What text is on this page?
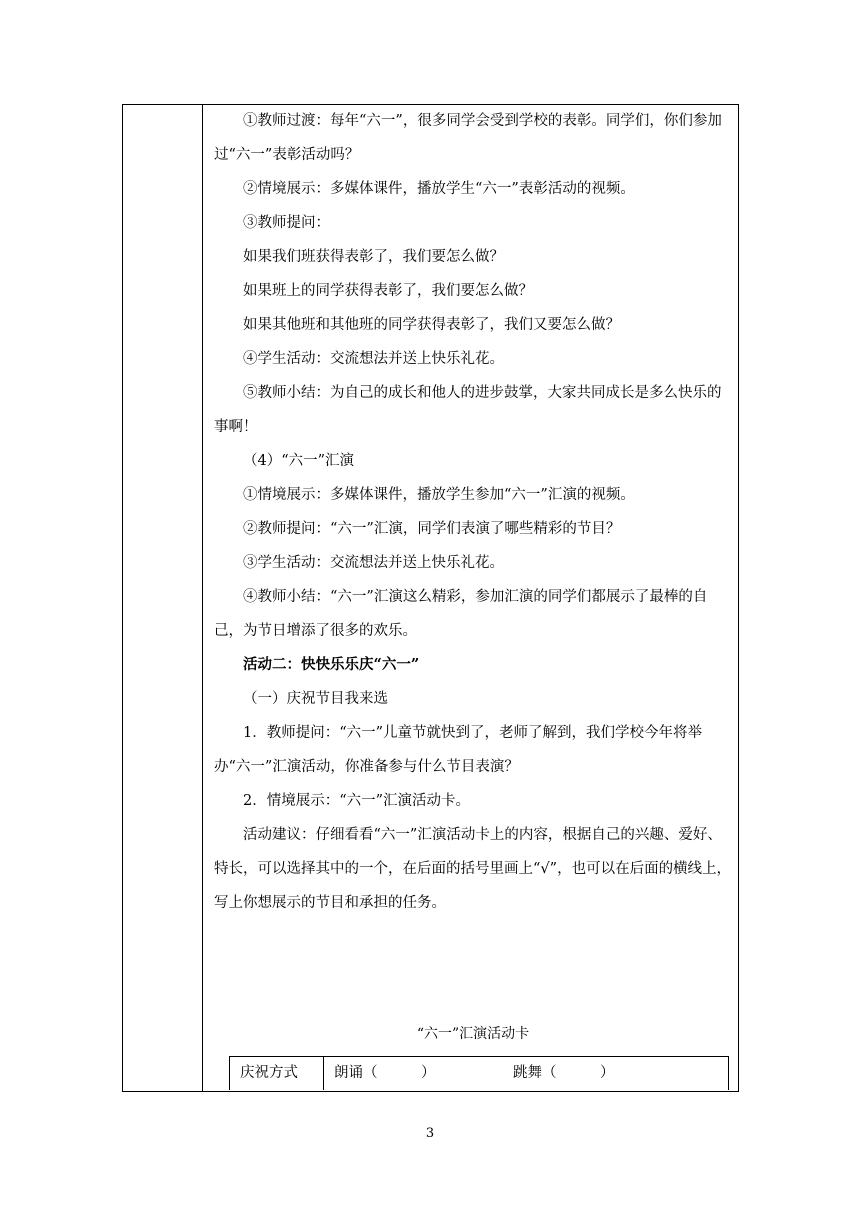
①教师过渡：每年“六一”，很多同学会受到学校的表彰。同学们，你们参加过“六一”表彰活动吗？

②情境展示：多媒体课件，播放学生“六一”表彰活动的视频。

③教师提问：

如果我们班获得表彰了，我们要怎么做？

如果班上的同学获得表彰了，我们要怎么做？

如果其他班和其他班的同学获得表彰了，我们又要怎么做？

④学生活动：交流想法并送上快乐礼花。

⑤教师小结：为自己的成长和他人的进步鼓掌，大家共同成长是多么快乐的事啊！

（4）“六一”汇演

①情境展示：多媒体课件，播放学生参加“六一”汇演的视频。

②教师提问：“六一”汇演，同学们表演了哪些精彩的节目？

③学生活动：交流想法并送上快乐礼花。

④教师小结：“六一”汇演这么精彩，参加汇演的同学们都展示了最棒的自己，为节日增添了很多的欢乐。

活动二：快快乐乐庆“六一”

（一）庆祝节目我来选

1．教师提问：“六一”儿童节就快到了，老师了解到，我们学校今年将举办“六一”汇演活动，你准备参与什么节目表演？

2．情境展示：“六一”汇演活动卡。

活动建议：仔细看看“六一”汇演活动卡上的内容，根据自己的兴趣、爱好、特长，可以选择其中的一个，在后面的括号里画上“√”，也可以在后面的横线上，写上你想展示的节目和承担的任务。

“六一”汇演活动卡
庆祝方式	朗诵（　　　）	跳舞（　　　）
3
